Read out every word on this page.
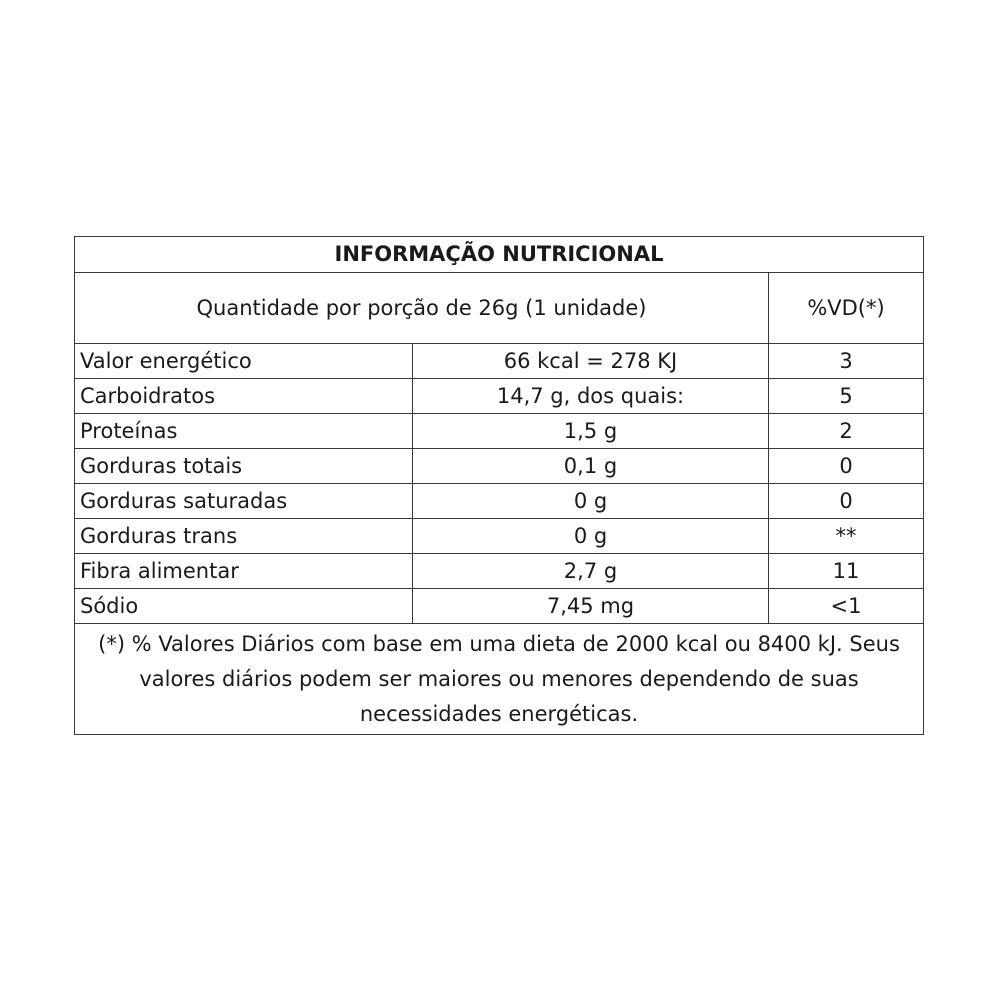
INFORMAÇÃO NUTRICIONAL		
Quantidade por porção de 26g (1 unidade)		%VD(*)
Valor energético	66 kcal = 278 KJ	3
Carboidratos	14,7 g, dos quais:	5
Proteínas	1,5 g	2
Gorduras totais	0,1 g	0
Gorduras saturadas	0 g	0
Gorduras trans	0 g	**
Fibra alimentar	2,7 g	11
Sódio	7,45 mg	<1
(*) % Valores Diários com base em uma dieta de 2000 kcal ou 8400 kJ. Seus valores diários podem ser maiores ou menores dependendo de suas necessidades energéticas.		
